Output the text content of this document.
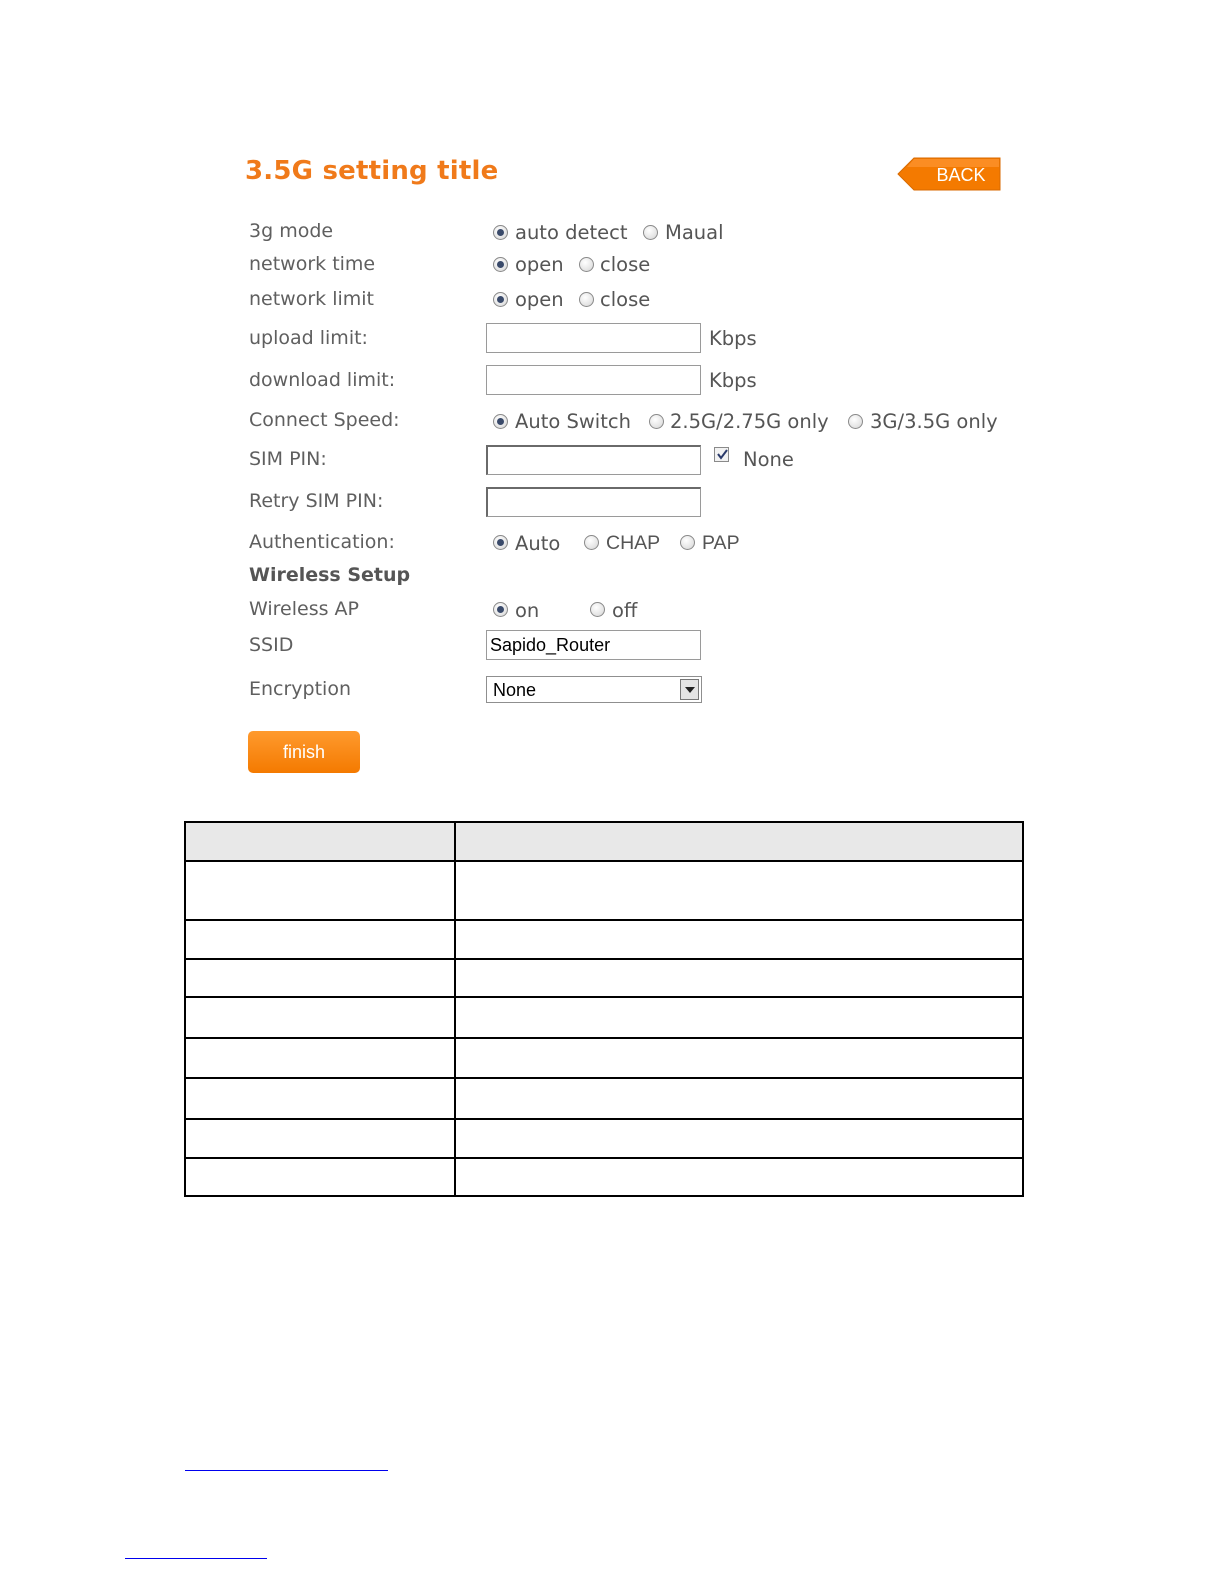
3.5G setting title	BACK
3g mode	auto detect Maual
network time	open close
network limit	open close
upload limit:	Kbps
download limit:	Kbps
Connect Speed:	Auto Switch 2.5G/2.75G only 3G/3.5G only
SIM PIN:	None
Retry SIM PIN:
Authentication:	Auto CHAP PAP
Wireless Setup
Wireless AP	on	off
SSID	Sapido_Router
Encryption	None
finish
